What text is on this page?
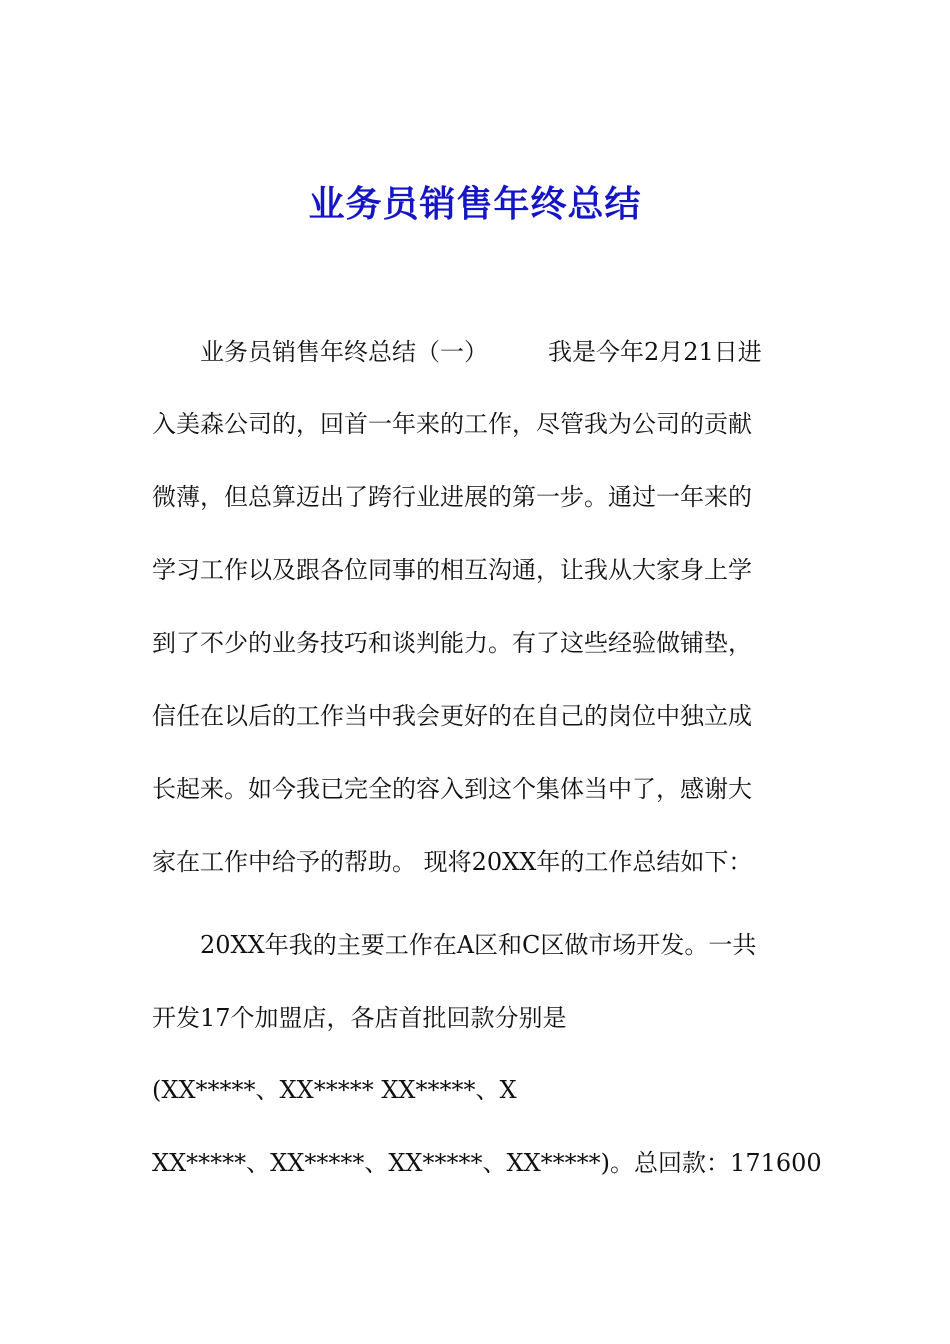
业务员销售年终总结
业务员销售年终总结（一）	我是今年2月21日进
入美森公司的，回首一年来的工作，尽管我为公司的贡献
微薄，但总算迈出了跨行业进展的第一步。通过一年来的
学习工作以及跟各位同事的相互沟通，让我从大家身上学
到了不少的业务技巧和谈判能力。有了这些经验做铺垫，
信任在以后的工作当中我会更好的在自己的岗位中独立成
长起来。如今我已完全的容入到这个集体当中了，感谢大
家在工作中给予的帮助。 现将20XX年的工作总结如下：
20XX年我的主要工作在A区和C区做市场开发。一共
开发17个加盟店，各店首批回款分别是
(XX*****、XX***** XX*****、X
XX*****、XX*****、XX*****、XX*****)。总回款：171600
